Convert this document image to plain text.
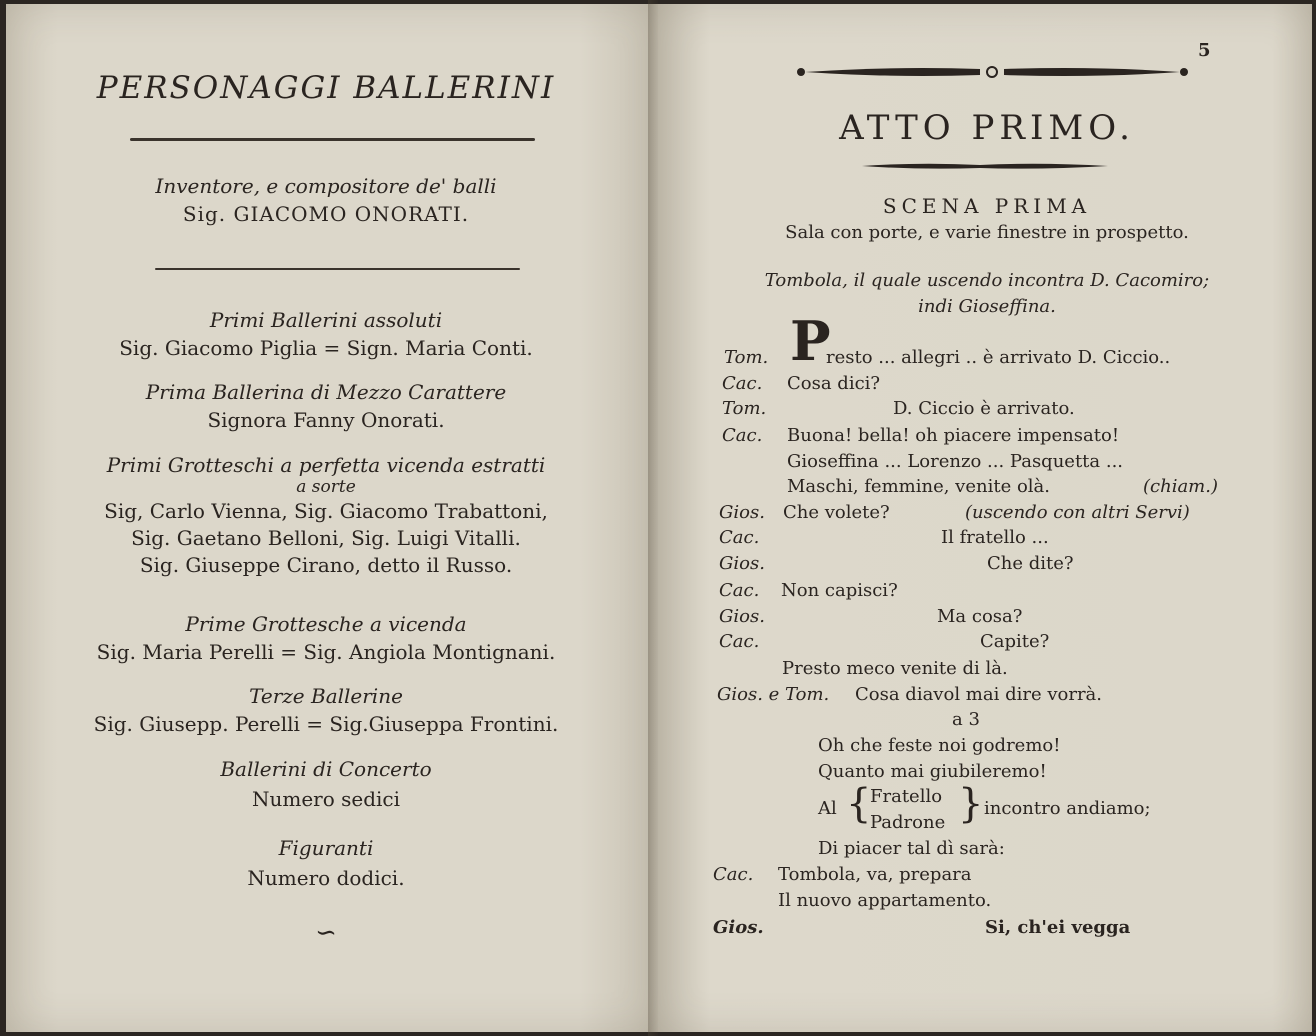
PERSONAGGI BALLERINI
Inventore, e compositore de' balli
Sig. GIACOMO ONORATI.
Primi Ballerini assoluti
Sig. Giacomo Piglia = Sign. Maria Conti.
Prima Ballerina di Mezzo Carattere
Signora Fanny Onorati.
Primi Grotteschi a perfetta vicenda estratti
a sorte
Sig, Carlo Vienna, Sig. Giacomo Trabattoni,
Sig. Gaetano Belloni, Sig. Luigi Vitalli.
Sig. Giuseppe Cirano, detto il Russo.
Prime Grottesche a vicenda
Sig. Maria Perelli = Sig. Angiola Montignani.
Terze Ballerine
Sig. Giusepp. Perelli = Sig.Giuseppa Frontini.
Ballerini di Concerto
Numero sedici
Figuranti
Numero dodici.
∽
5
ATTO PRIMO.
SCENA PRIMA
Sala con porte, e varie finestre in prospetto.
Tombola, il quale uscendo incontra D. Cacomiro;
indi Gioseffina.
P
Tom.	resto ... allegri .. è arrivato D. Ciccio..
Cac. Cosa dici?
Tom.	D. Ciccio è arrivato.
Cac. Buona! bella! oh piacere impensato!
Gioseffina ... Lorenzo ... Pasquetta ...
Maschi, femmine, venite olà.	(chiam.)
Gios. Che volete?	(uscendo con altri Servi)
Cac.	Il fratello ...
Gios.	Che dite?
Cac. Non capisci?
Gios.	Ma cosa?
Cac.	Capite?
Presto meco venite di là.
Gios. e Tom. Cosa diavol mai dire vorrà.
a 3
Oh che feste noi godremo!
Quanto mai giubileremo!
Al {
Fratello
Padrone } incontro andiamo;
Di piacer tal dì sarà:
Cac. Tombola, va, prepara
Il nuovo appartamento.
Gios.	Si, ch'ei vegga
